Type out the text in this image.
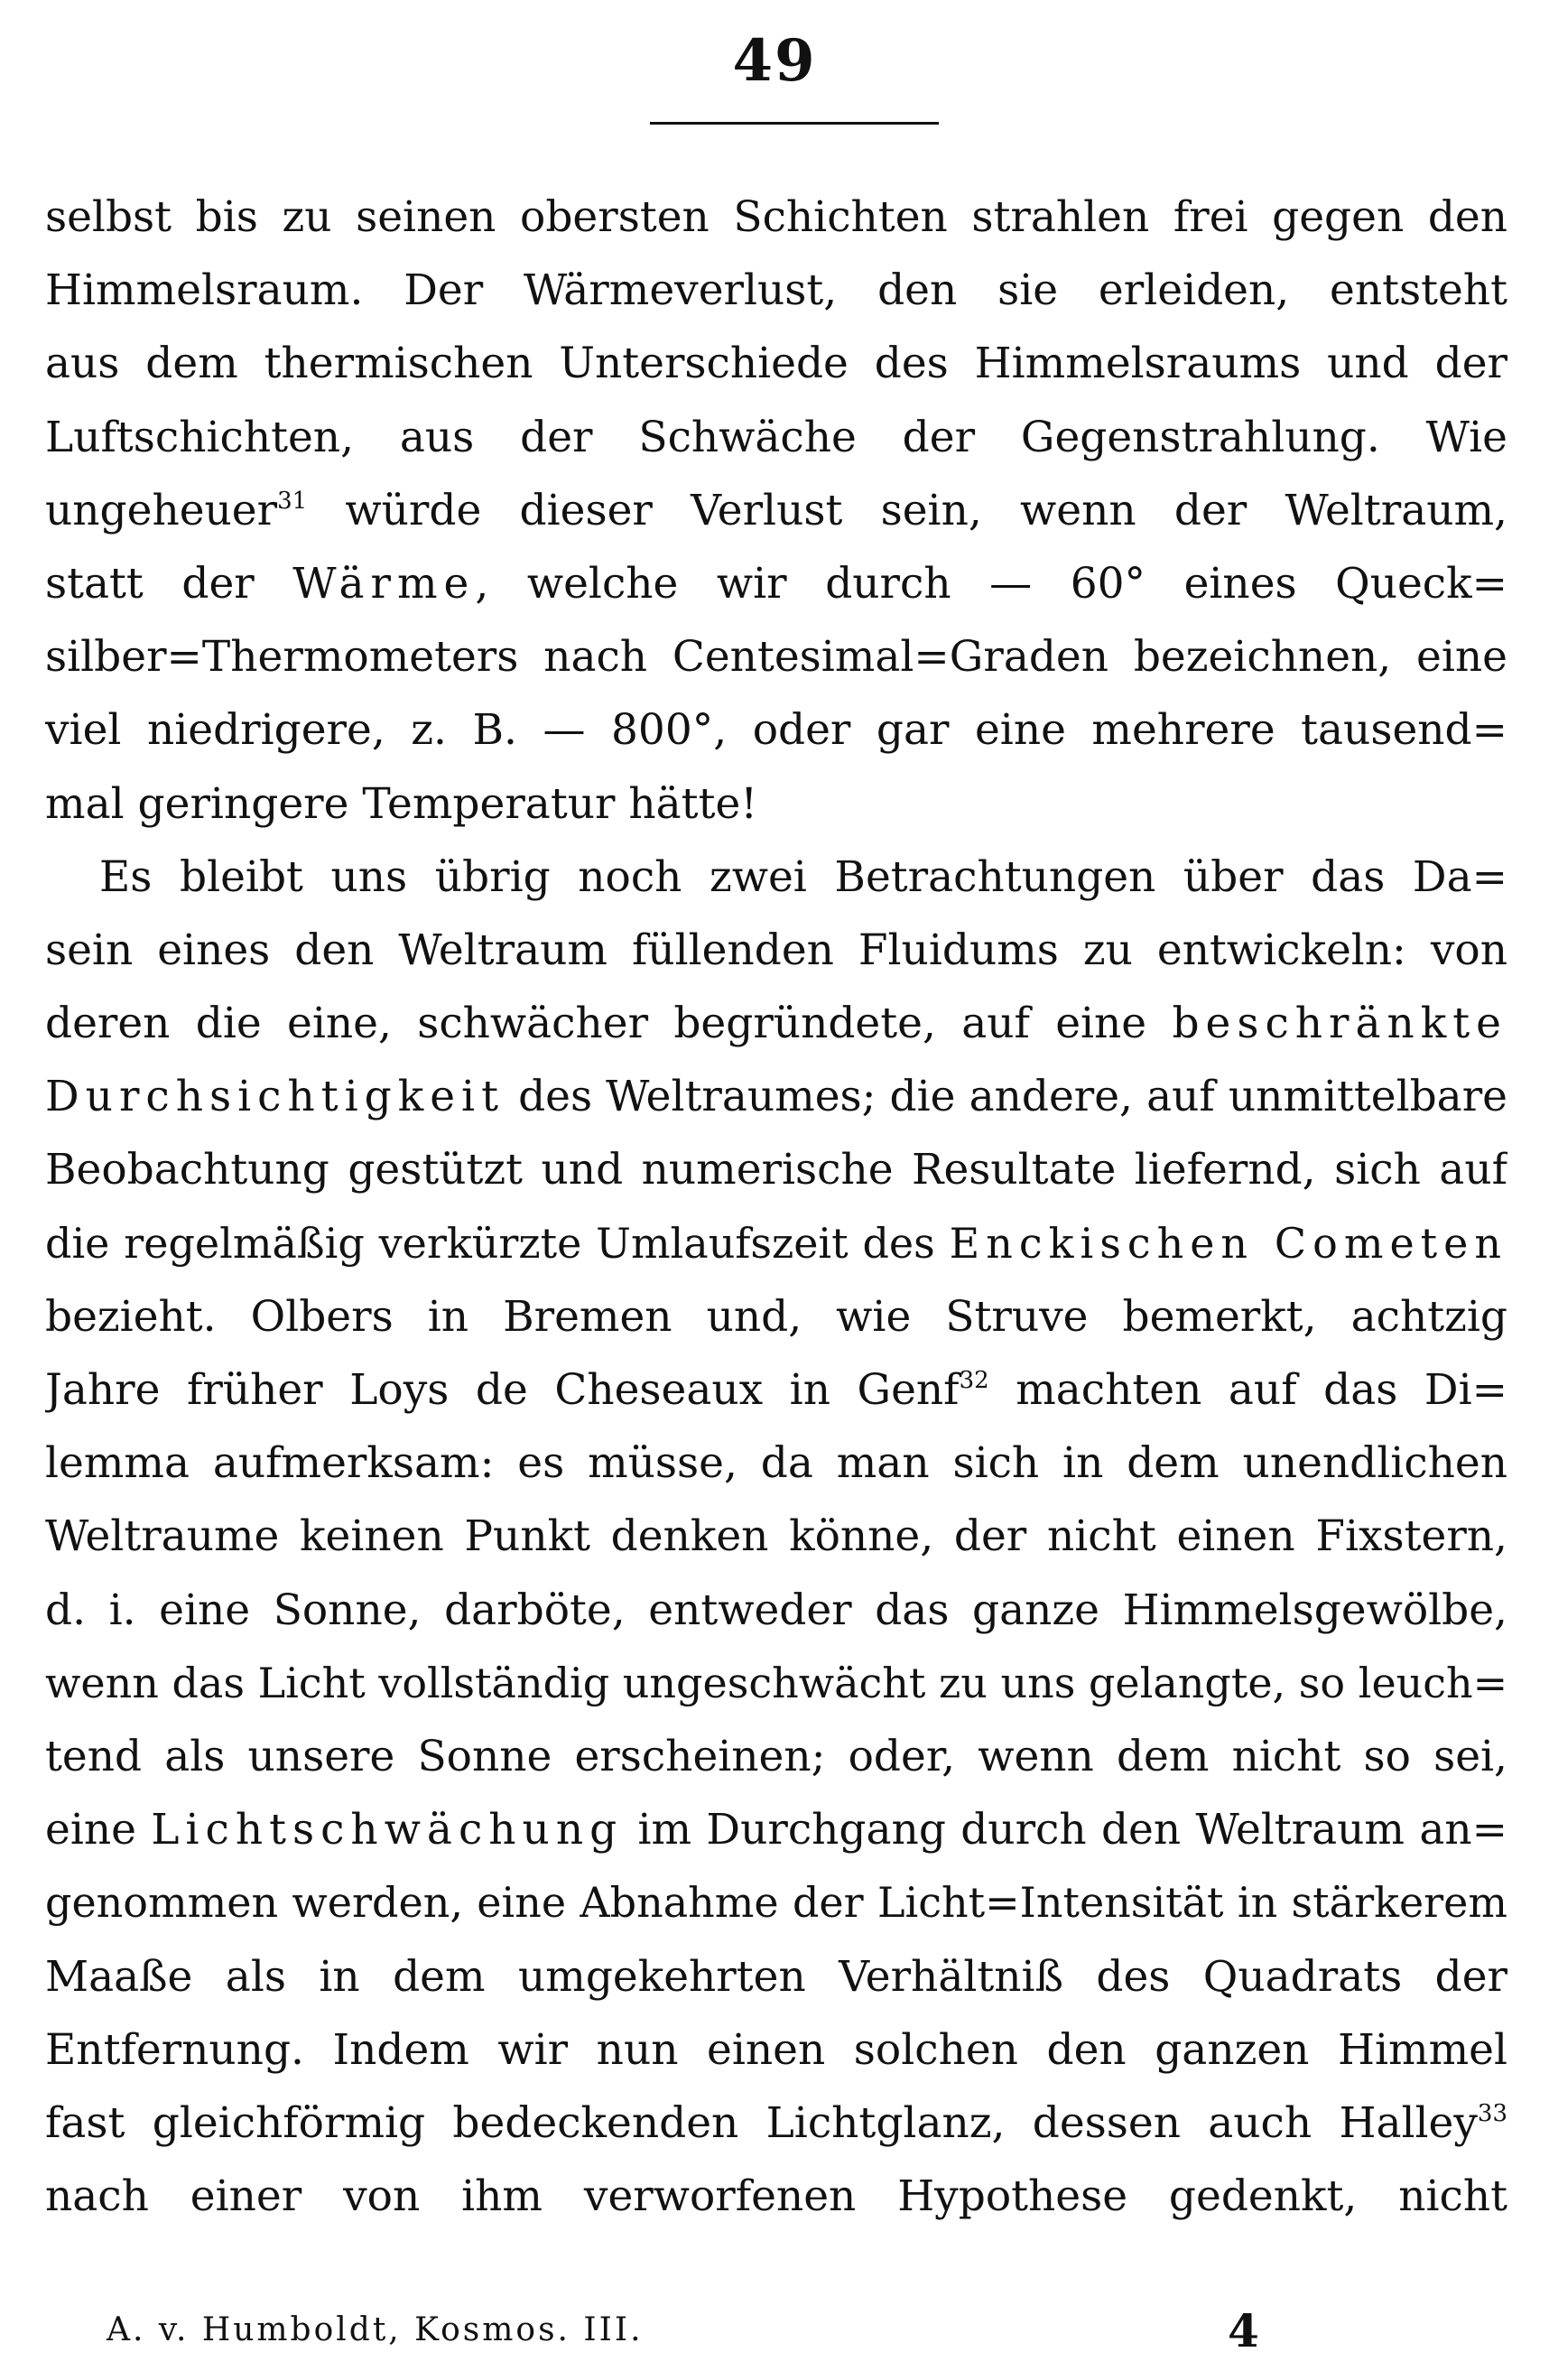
49
selbst bis zu seinen obersten Schichten strahlen frei gegen den
Himmelsraum. Der Wärmeverlust, den sie erleiden, entsteht
aus dem thermischen Unterschiede des Himmelsraums und der
Luftschichten, aus der Schwäche der Gegenstrahlung. Wie
ungeheuer$^{31}$ würde dieser Verlust sein, wenn der Weltraum,
statt der Wärme, welche wir durch — 60° eines Queck=
silber=Thermometers nach Centesimal=Graden bezeichnen, eine
viel niedrigere, z. B. — 800°, oder gar eine mehrere tausend=
mal geringere Temperatur hätte!
Es bleibt uns übrig noch zwei Betrachtungen über das Da=
sein eines den Weltraum füllenden Fluidums zu entwickeln: von
deren die eine, schwächer begründete, auf eine beschränkte
Durchsichtigkeit des Weltraumes; die andere, auf unmittelbare
Beobachtung gestützt und numerische Resultate liefernd, sich auf
die regelmäßig verkürzte Umlaufszeit des Enckischen Cometen
bezieht. Olbers in Bremen und, wie Struve bemerkt, achtzig
Jahre früher Loys de Cheseaux in Genf$^{32}$ machten auf das Di=
lemma aufmerksam: es müsse, da man sich in dem unendlichen
Weltraume keinen Punkt denken könne, der nicht einen Fixstern,
d. i. eine Sonne, darböte, entweder das ganze Himmelsgewölbe,
wenn das Licht vollständig ungeschwächt zu uns gelangte, so leuch=
tend als unsere Sonne erscheinen; oder, wenn dem nicht so sei,
eine Lichtschwächung im Durchgang durch den Weltraum an=
genommen werden, eine Abnahme der Licht=Intensität in stärkerem
Maaße als in dem umgekehrten Verhältniß des Quadrats der
Entfernung. Indem wir nun einen solchen den ganzen Himmel
fast gleichförmig bedeckenden Lichtglanz, dessen auch Halley$^{33}$
nach einer von ihm verworfenen Hypothese gedenkt, nicht
A. v. Humboldt, Kosmos. III.	4
